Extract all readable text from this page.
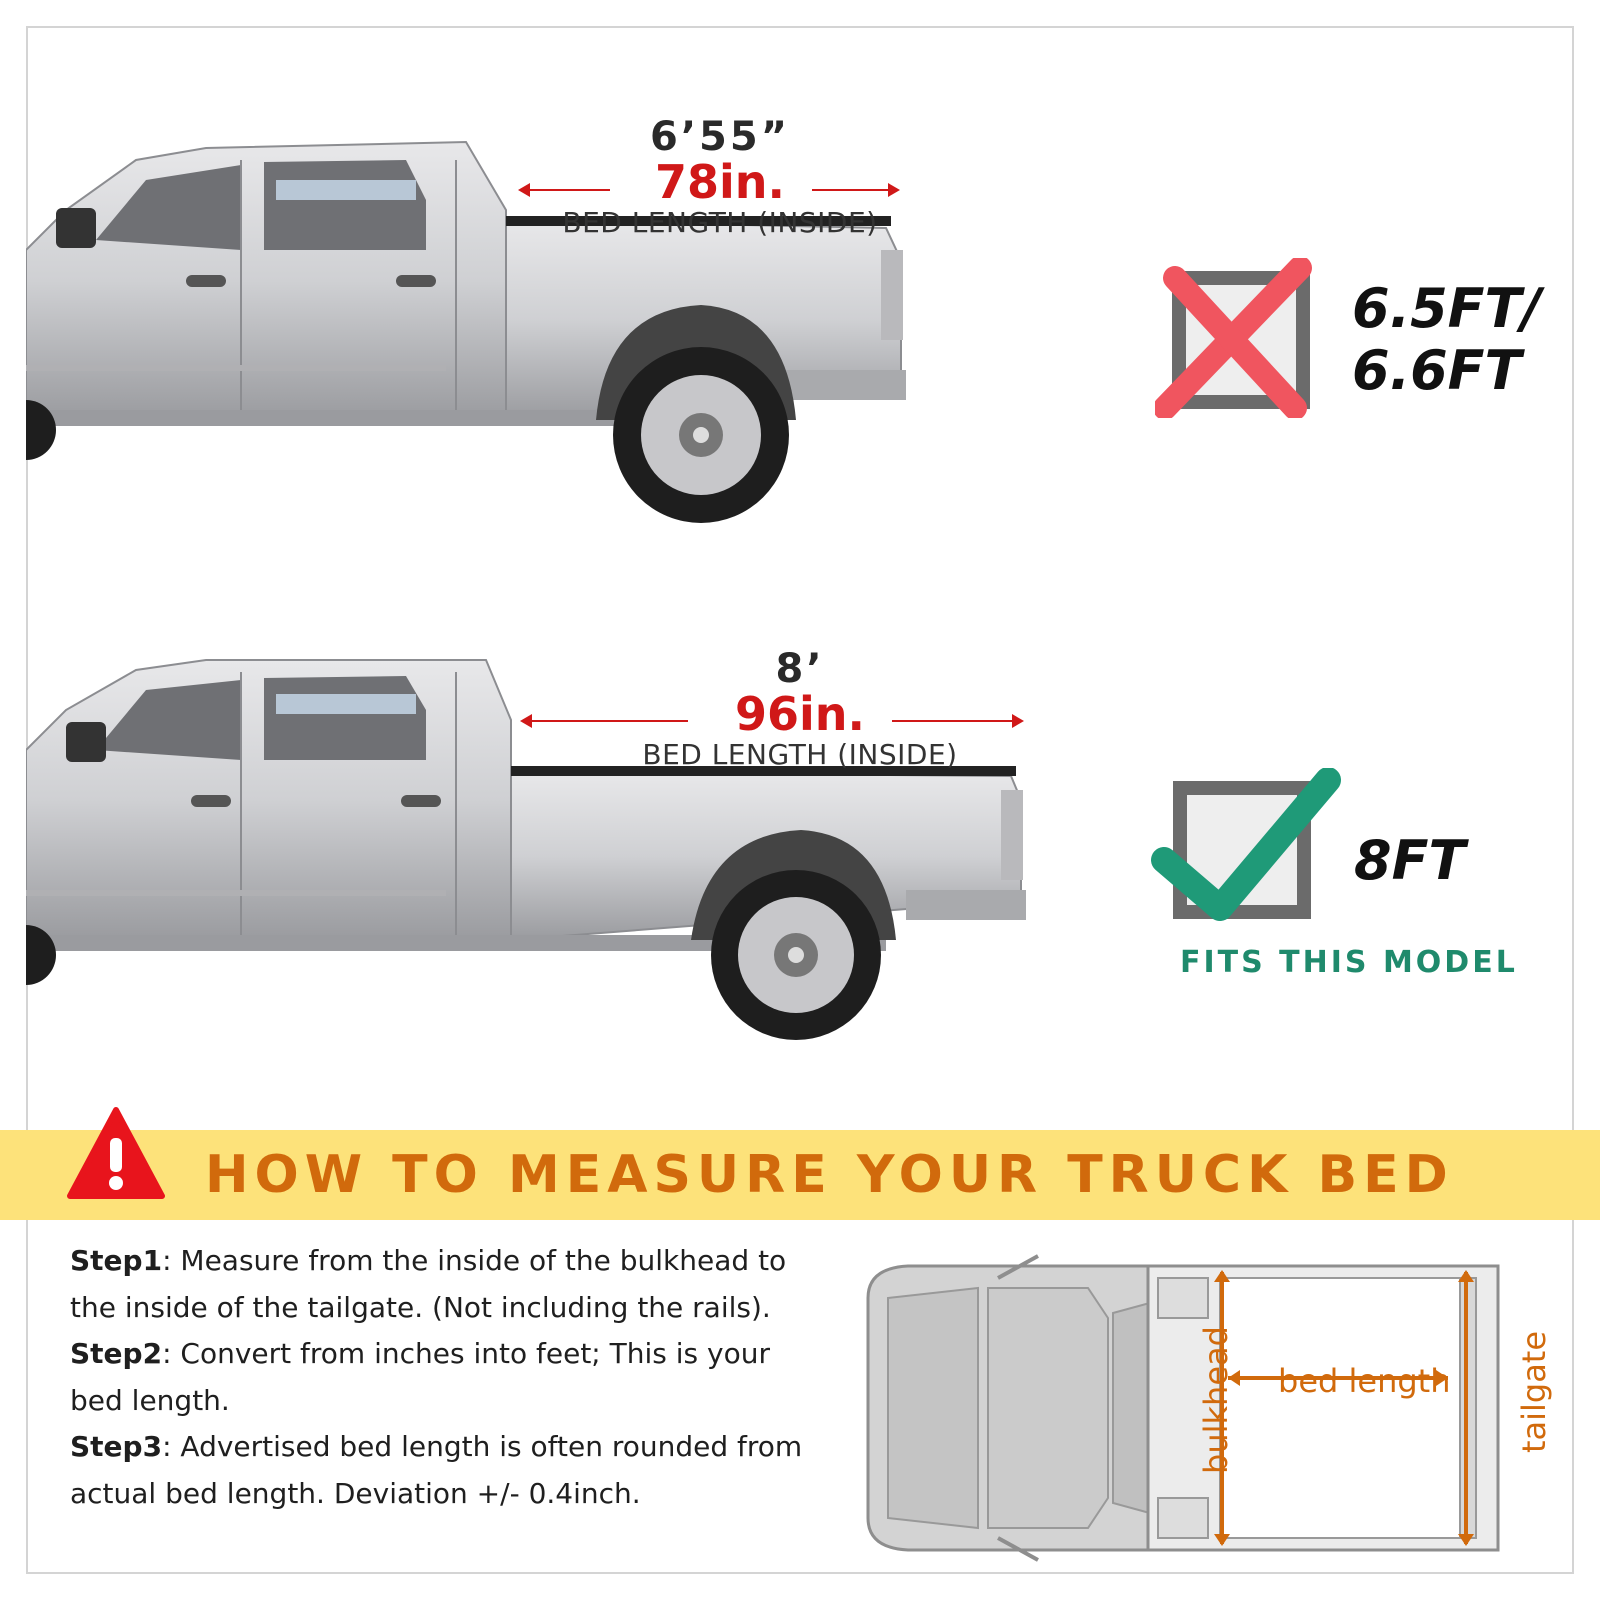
6’55”
78in.
BED LENGTH (INSIDE)
8’
96in.
BED LENGTH (INSIDE)
6.5FT/
6.6FT
8FT
FITS THIS MODEL
HOW TO MEASURE YOUR TRUCK BED

Step1: Measure from the inside of the bulkhead to the inside of the tailgate. (Not including the rails).

Step2: Convert from inches into feet; This is your bed length.

Step3: Advertised bed length is often rounded from actual bed length. Deviation +/- 0.4inch.

bed length
bulkhead	tailgate
